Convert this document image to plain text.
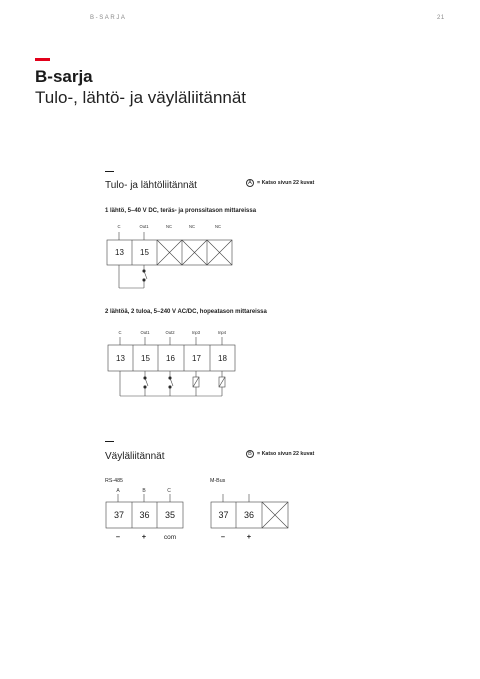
B-SARJA	21
B-sarja
Tulo-, lähtö- ja väyläliitännät
Tulo- ja lähtöliitännät	A = Katso sivun 22 kuvat
1 lähtö, 5–40 V DC, teräs- ja pronssitason mittareissa
C	Out1	NC	NC	NC
13	15
2 lähtöä, 2 tuloa, 5–240 V AC/DC, hopeatason mittareissa
C	Out1	Out2	Inp3	Inp4
13	15	16	17	18
Väyläliitännät	B = Katso sivun 22 kuvat
RS-485	M-Bus
A	B	C
37	36	35	37	36
–	+	com	–	+
